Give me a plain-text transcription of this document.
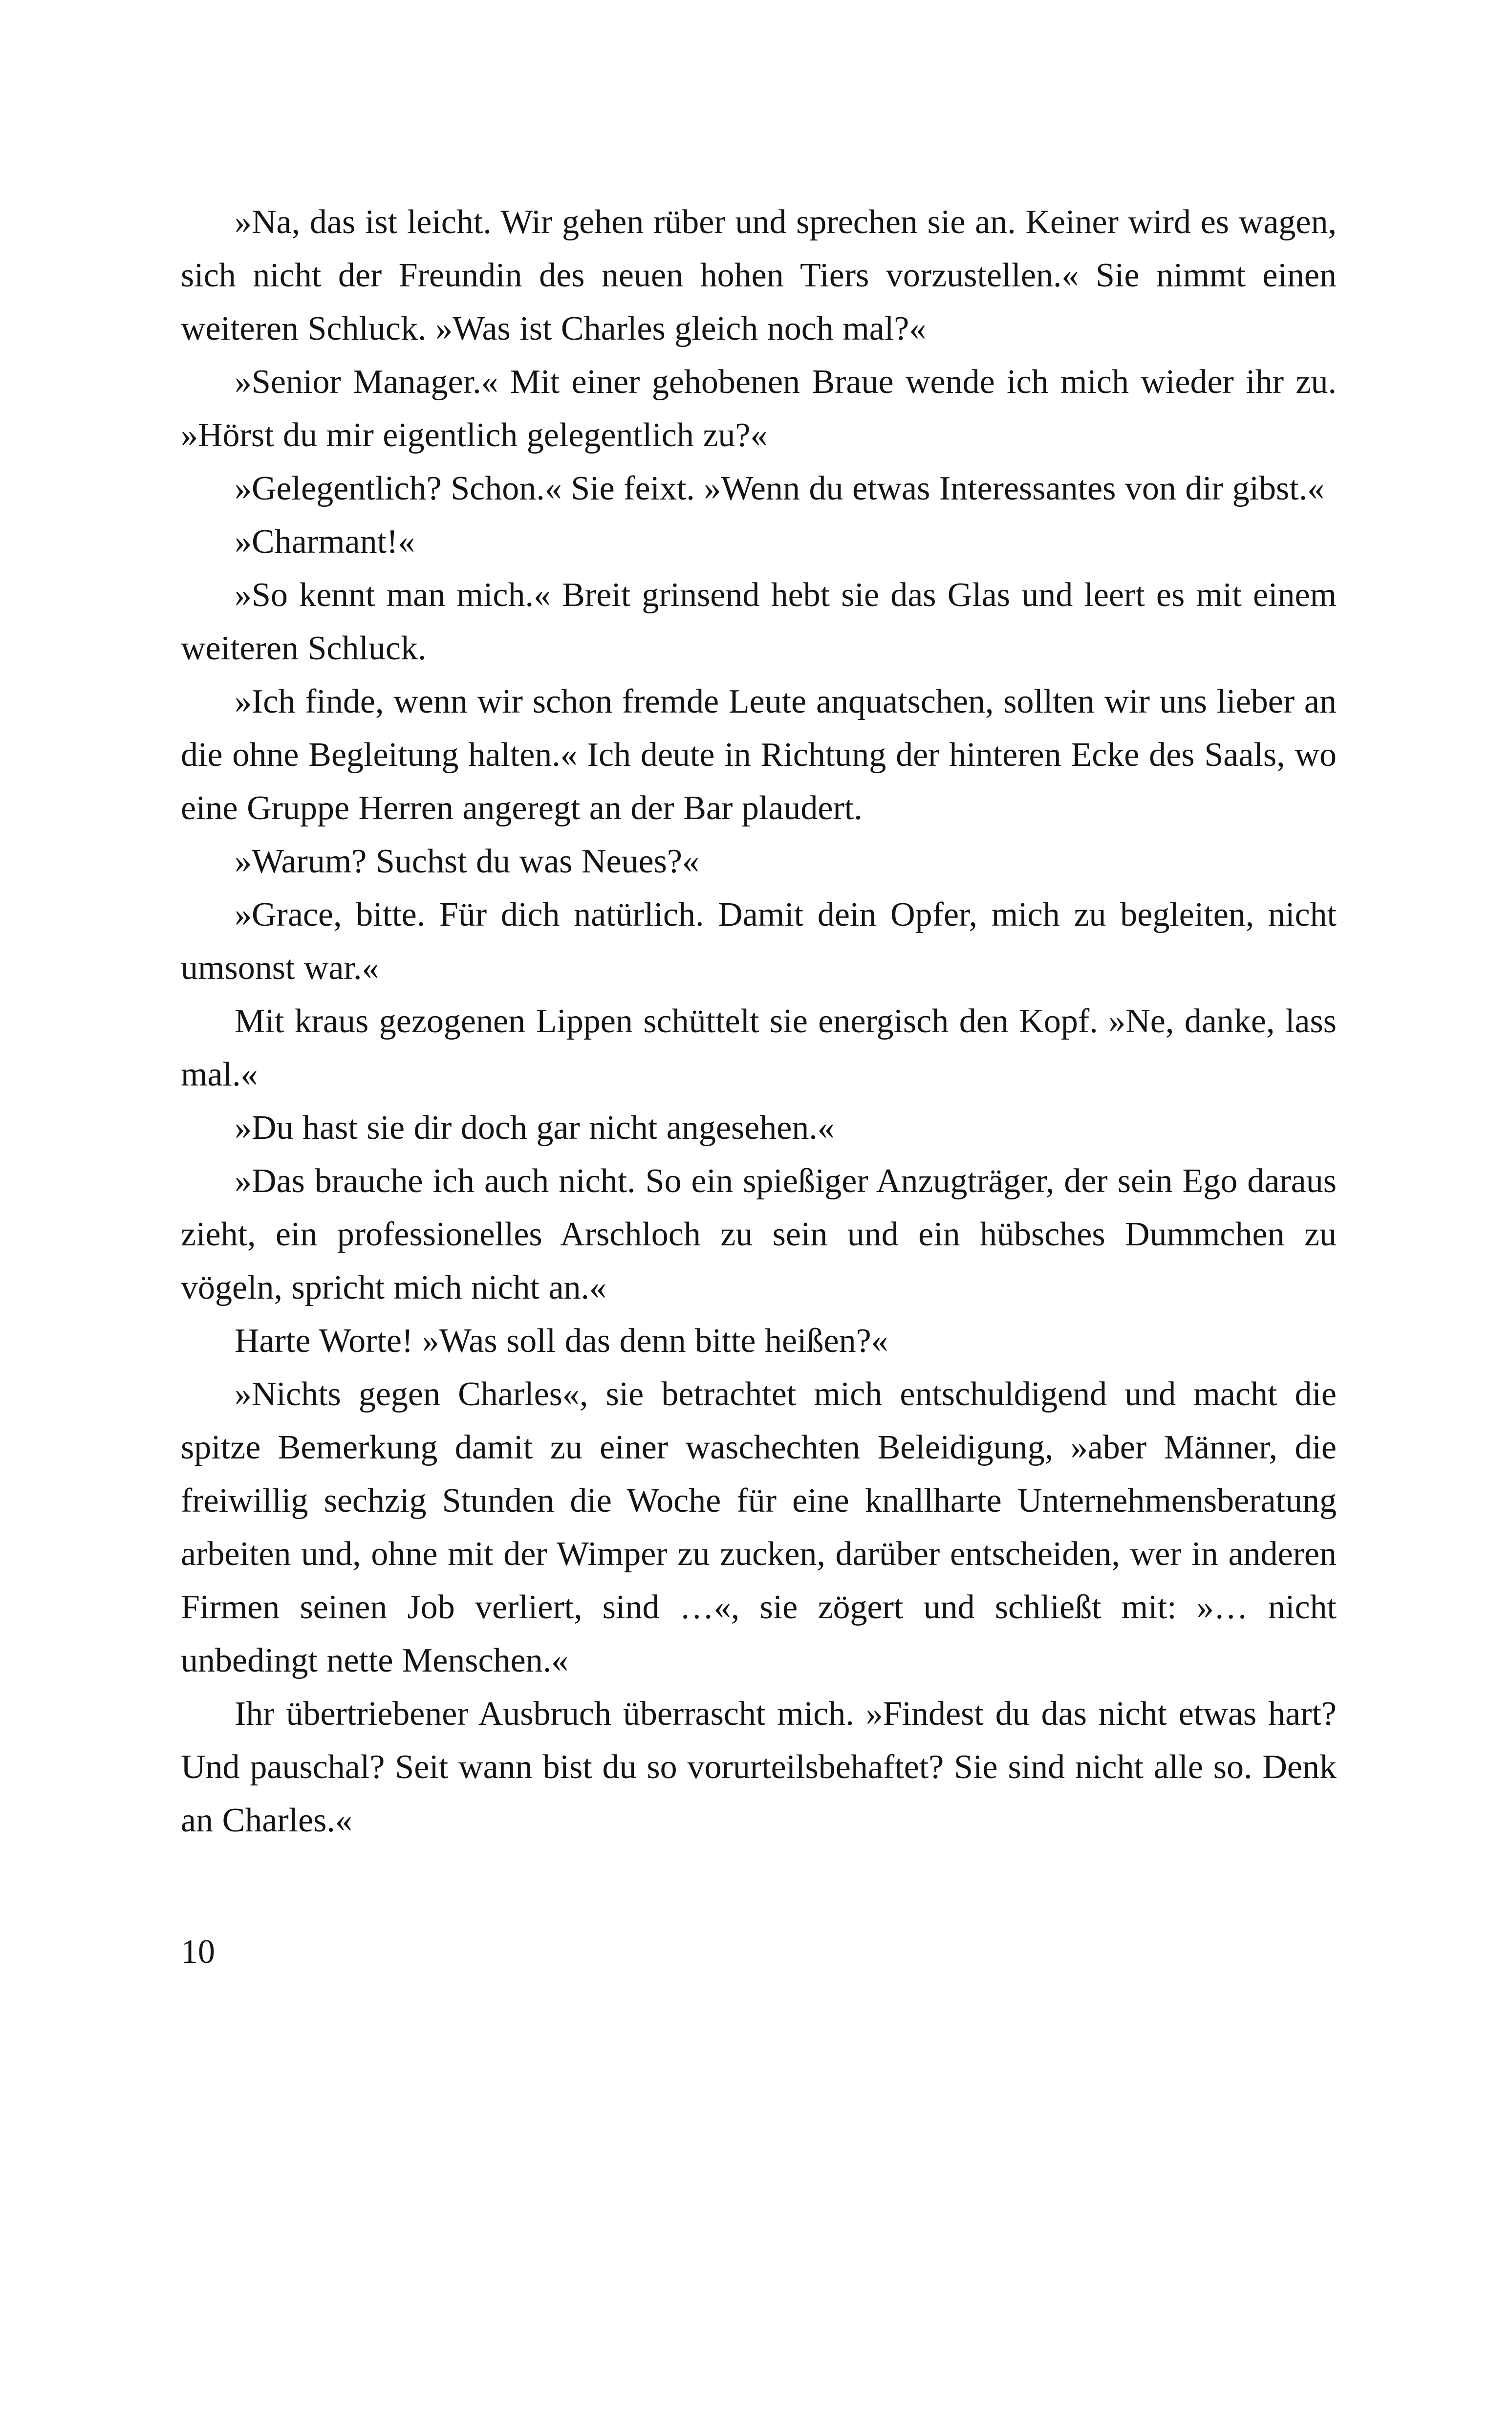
»Na, das ist leicht. Wir gehen rüber und sprechen sie an. Keiner wird es wagen, sich nicht der Freundin des neuen hohen Tiers vorzustellen.« Sie nimmt einen weiteren Schluck. »Was ist Charles gleich noch mal?«

»Senior Manager.« Mit einer gehobenen Braue wende ich mich wieder ihr zu. »Hörst du mir eigentlich gelegentlich zu?«

»Gelegentlich? Schon.« Sie feixt. »Wenn du etwas Interessantes von dir gibst.«

»Charmant!«

»So kennt man mich.« Breit grinsend hebt sie das Glas und leert es mit einem weiteren Schluck.

»Ich finde, wenn wir schon fremde Leute anquatschen, sollten wir uns lieber an die ohne Begleitung halten.« Ich deute in Richtung der hinteren Ecke des Saals, wo eine Gruppe Herren angeregt an der Bar plaudert.

»Warum? Suchst du was Neues?«

»Grace, bitte. Für dich natürlich. Damit dein Opfer, mich zu begleiten, nicht umsonst war.«

Mit kraus gezogenen Lippen schüttelt sie energisch den Kopf. »Ne, danke, lass mal.«

»Du hast sie dir doch gar nicht angesehen.«

»Das brauche ich auch nicht. So ein spießiger Anzugträger, der sein Ego daraus zieht, ein professionelles Arschloch zu sein und ein hübsches Dummchen zu vögeln, spricht mich nicht an.«

Harte Worte! »Was soll das denn bitte heißen?«

»Nichts gegen Charles«, sie betrachtet mich entschuldigend und macht die spitze Bemerkung damit zu einer waschechten Beleidigung, »aber Männer, die freiwillig sechzig Stunden die Woche für eine knallharte Unternehmensberatung arbeiten und, ohne mit der Wimper zu zucken, darüber entscheiden, wer in anderen Firmen seinen Job verliert, sind …«, sie zögert und schließt mit: »… nicht unbedingt nette Menschen.«

Ihr übertriebener Ausbruch überrascht mich. »Findest du das nicht etwas hart? Und pauschal? Seit wann bist du so vorurteilsbehaftet? Sie sind nicht alle so. Denk an Charles.«

10
